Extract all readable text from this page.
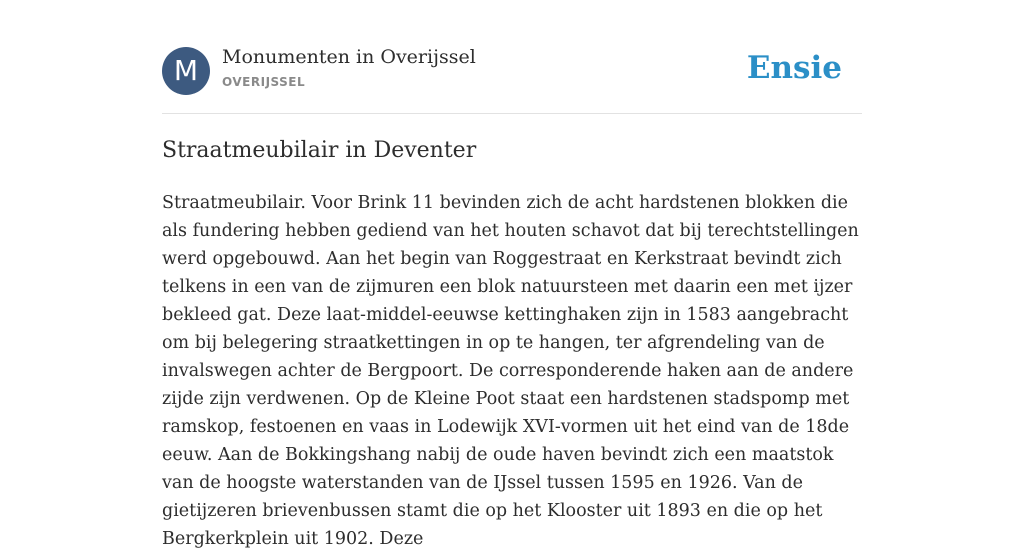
M	Monumenten in Overijssel
OVERIJSSEL	Ensie
Straatmeubilair in Deventer

Straatmeubilair. Voor Brink 11 bevinden zich de acht hardstenen blokken die als fundering hebben gediend van het houten schavot dat bij terechtstellingen werd opgebouwd. Aan het begin van Roggestraat en Kerkstraat bevindt zich telkens in een van de zijmuren een blok natuursteen met daarin een met ijzer bekleed gat. Deze laat-middel-eeuwse kettinghaken zijn in 1583 aangebracht om bij belegering straatkettingen in op te hangen, ter afgrendeling van de invalswegen achter de Bergpoort. De corresponderende haken aan de andere zijde zijn verdwenen. Op de Kleine Poot staat een hardstenen stadspomp met ramskop, festoenen en vaas in Lodewijk XVI-vormen uit het eind van de 18de eeuw. Aan de Bokkingshang nabij de oude haven bevindt zich een maatstok van de hoogste waterstanden van de IJssel tussen 1595 en 1926. Van de gietijzeren brievenbussen stamt die op het Klooster uit 1893 en die op het Bergkerkplein uit 1902. Deze
